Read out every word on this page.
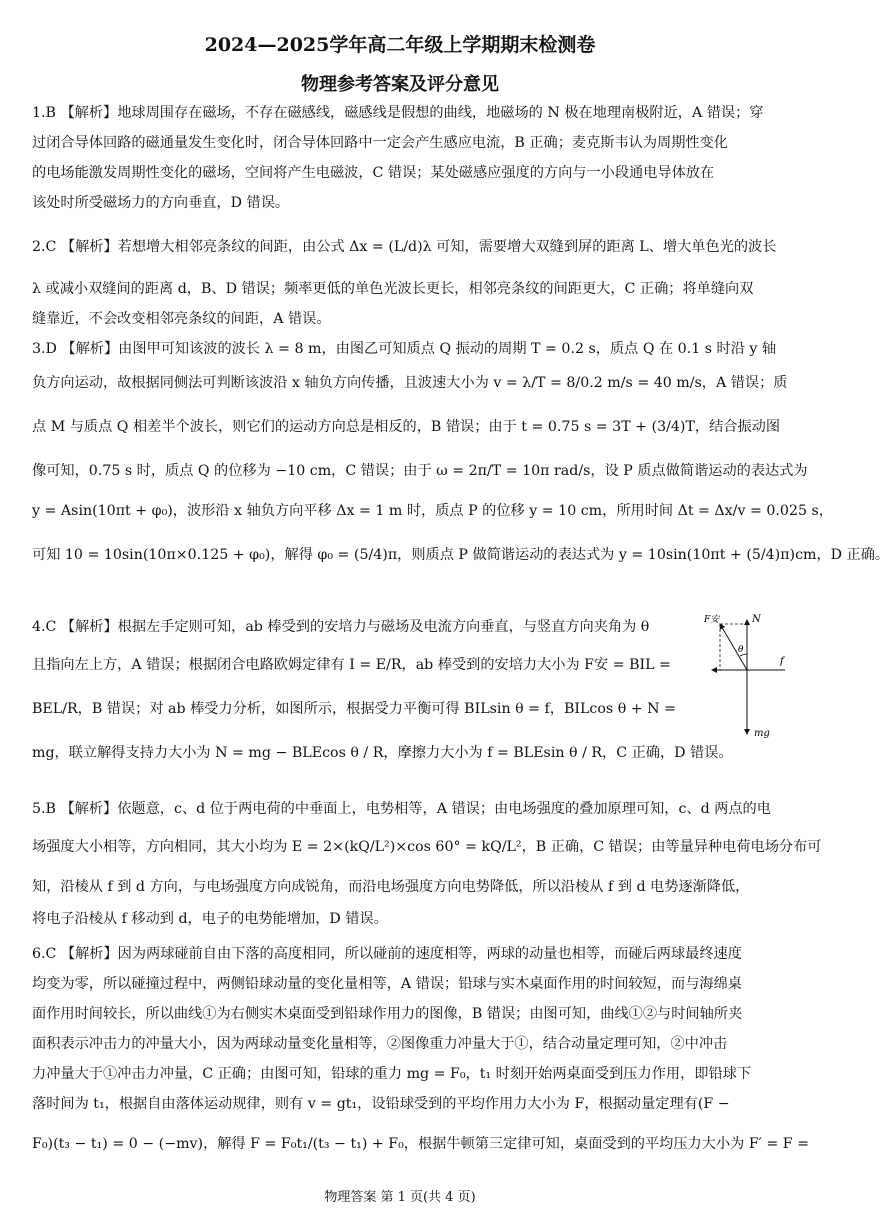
2024—2025学年高二年级上学期期末检测卷
物理参考答案及评分意见
1.B 【解析】地球周围存在磁场，不存在磁感线，磁感线是假想的曲线，地磁场的 N 极在地理南极附近，A 错误；穿
过闭合导体回路的磁通量发生变化时，闭合导体回路中一定会产生感应电流，B 正确；麦克斯韦认为周期性变化
的电场能激发周期性变化的磁场，空间将产生电磁波，C 错误；某处磁感应强度的方向与一小段通电导体放在
该处时所受磁场力的方向垂直，D 错误。
2.C 【解析】若想增大相邻亮条纹的间距，由公式 Δx = (L/d)λ 可知，需要增大双缝到屏的距离 L、增大单色光的波长
λ 或减小双缝间的距离 d，B、D 错误；频率更低的单色光波长更长，相邻亮条纹的间距更大，C 正确；将单缝向双
缝靠近，不会改变相邻亮条纹的间距，A 错误。
3.D 【解析】由图甲可知该波的波长 λ = 8 m，由图乙可知质点 Q 振动的周期 T = 0.2 s，质点 Q 在 0.1 s 时沿 y 轴
负方向运动，故根据同侧法可判断该波沿 x 轴负方向传播，且波速大小为 v = λ/T = 8/0.2 m/s = 40 m/s，A 错误；质
点 M 与质点 Q 相差半个波长，则它们的运动方向总是相反的，B 错误；由于 t = 0.75 s = 3T + (3/4)T，结合振动图
像可知，0.75 s 时，质点 Q 的位移为 −10 cm，C 错误；由于 ω = 2π/T = 10π rad/s，设 P 质点做简谐运动的表达式为
y = Asin(10πt + φ₀)，波形沿 x 轴负方向平移 Δx = 1 m 时，质点 P 的位移 y = 10 cm，所用时间 Δt = Δx/v = 0.025 s，
可知 10 = 10sin(10π×0.125 + φ₀)，解得 φ₀ = (5/4)π，则质点 P 做简谐运动的表达式为 y = 10sin(10πt + (5/4)π)cm，D 正确。
4.C 【解析】根据左手定则可知，ab 棒受到的安培力与磁场及电流方向垂直，与竖直方向夹角为 θ
且指向左上方，A 错误；根据闭合电路欧姆定律有 I = E/R，ab 棒受到的安培力大小为 F安 = BIL =
BEL/R，B 错误；对 ab 棒受力分析，如图所示，根据受力平衡可得 BILsin θ = f，BILcos θ + N =
mg，联立解得支持力大小为 N = mg − BLEcos θ / R，摩擦力大小为 f = BLEsin θ / R，C 正确，D 错误。
F安	N
θ
f
mg
5.B 【解析】依题意，c、d 位于两电荷的中垂面上，电势相等，A 错误；由电场强度的叠加原理可知，c、d 两点的电
场强度大小相等，方向相同，其大小均为 E = 2×(kQ/L²)×cos 60° = kQ/L²，B 正确，C 错误；由等量异种电荷电场分布可
知，沿棱从 f 到 d 方向，与电场强度方向成锐角，而沿电场强度方向电势降低，所以沿棱从 f 到 d 电势逐渐降低，
将电子沿棱从 f 移动到 d，电子的电势能增加，D 错误。
6.C 【解析】因为两球碰前自由下落的高度相同，所以碰前的速度相等，两球的动量也相等，而碰后两球最终速度
均变为零，所以碰撞过程中，两侧铅球动量的变化量相等，A 错误；铅球与实木桌面作用的时间较短，而与海绵桌
面作用时间较长，所以曲线①为右侧实木桌面受到铅球作用力的图像，B 错误；由图可知，曲线①②与时间轴所夹
面积表示冲击力的冲量大小，因为两球动量变化量相等，②图像重力冲量大于①，结合动量定理可知，②中冲击
力冲量大于①冲击力冲量，C 正确；由图可知，铅球的重力 mg = F₀，t₁ 时刻开始两桌面受到压力作用，即铅球下
落时间为 t₁，根据自由落体运动规律，则有 v = gt₁，设铅球受到的平均作用力大小为 F，根据动量定理有(F −
F₀)(t₃ − t₁) = 0 − (−mv)，解得 F = F₀t₁/(t₃ − t₁) + F₀，根据牛顿第三定律可知，桌面受到的平均压力大小为 F′ = F =
物理答案 第 1 页(共 4 页)
